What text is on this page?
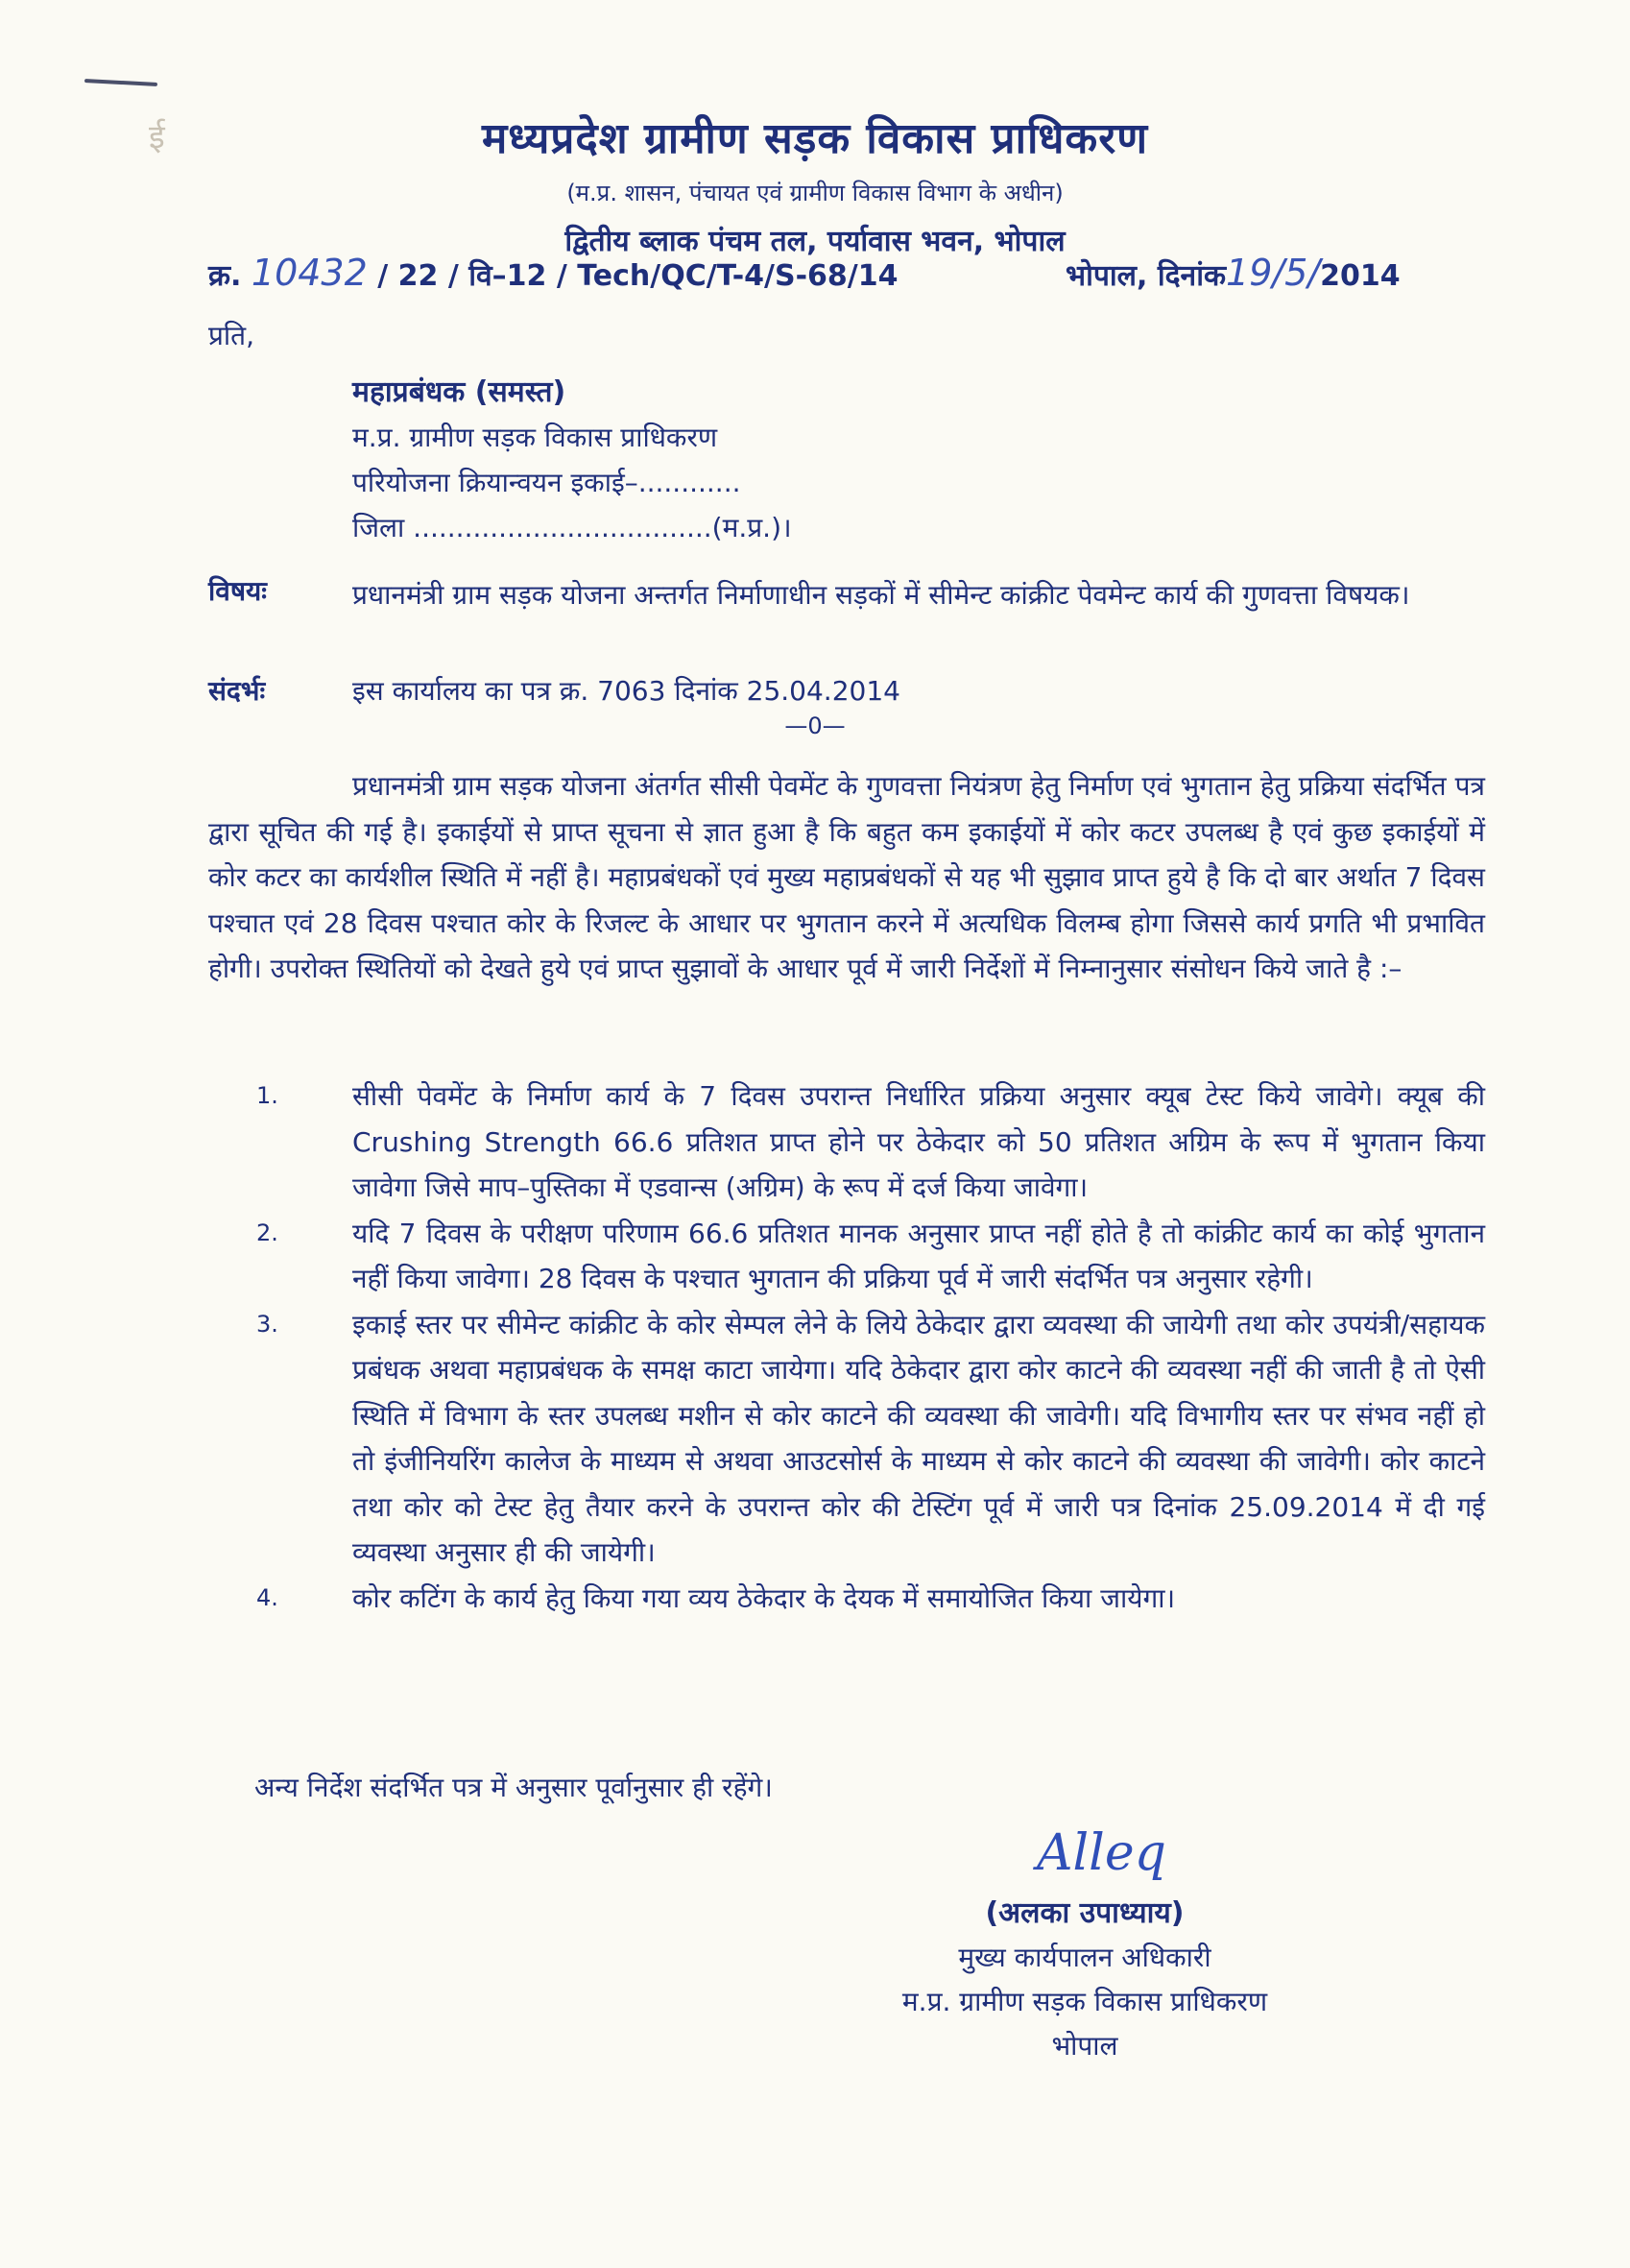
ई	मध्यप्रदेश ग्रामीण सड़क विकास प्राधिकरण
(म.प्र. शासन, पंचायत एवं ग्रामीण विकास विभाग के अधीन)
द्वितीय ब्लाक पंचम तल, पर्यावास भवन, भोपाल
क्र. 10432 / 22 / वि–12 / Tech/QC/T-4/S-68/14	भोपाल, दिनांक19/5/2014
प्रति,
महाप्रबंधक (समस्त)
म.प्र. ग्रामीण सड़क विकास प्राधिकरण
परियोजना क्रियान्वयन इकाई–............
जिला ...................................(म.प्र.)।
विषयः	प्रधानमंत्री ग्राम सड़क योजना अन्तर्गत निर्माणाधीन सड़कों में सीमेन्ट कांक्रीट पेवमेन्ट कार्य की गुणवत्ता विषयक।
संदर्भः	इस कार्यालय का पत्र क्र. 7063 दिनांक 25.04.2014
—0—
प्रधानमंत्री ग्राम सड़क योजना अंतर्गत सीसी पेवमेंट के गुणवत्ता नियंत्रण हेतु निर्माण एवं भुगतान हेतु प्रक्रिया संदर्भित पत्र द्वारा सूचित की गई है। इकाईयों से प्राप्त सूचना से ज्ञात हुआ है कि बहुत कम इकाईयों में कोर कटर उपलब्ध है एवं कुछ इकाईयों में कोर कटर का कार्यशील स्थिति में नहीं है। महाप्रबंधकों एवं मुख्य महाप्रबंधकों से यह भी सुझाव प्राप्त हुये है कि दो बार अर्थात 7 दिवस पश्चात एवं 28 दिवस पश्चात कोर के रिजल्ट के आधार पर भुगतान करने में अत्यधिक विलम्ब होगा जिससे कार्य प्रगति भी प्रभावित होगी। उपरोक्त स्थितियों को देखते हुये एवं प्राप्त सुझावों के आधार पूर्व में जारी निर्देशों में निम्नानुसार संसोधन किये जाते है :–
1.	सीसी पेवमेंट के निर्माण कार्य के 7 दिवस उपरान्त निर्धारित प्रक्रिया अनुसार क्यूब टेस्ट किये जावेगे। क्यूब की Crushing Strength 66.6 प्रतिशत प्राप्त होने पर ठेकेदार को 50 प्रतिशत अग्रिम के रूप में भुगतान किया जावेगा जिसे माप–पुस्तिका में एडवान्स (अग्रिम) के रूप में दर्ज किया जावेगा।
2.	यदि 7 दिवस के परीक्षण परिणाम 66.6 प्रतिशत मानक अनुसार प्राप्त नहीं होते है तो कांक्रीट कार्य का कोई भुगतान नहीं किया जावेगा। 28 दिवस के पश्चात भुगतान की प्रक्रिया पूर्व में जारी संदर्भित पत्र अनुसार रहेगी।
3.	इकाई स्तर पर सीमेन्ट कांक्रीट के कोर सेम्पल लेने के लिये ठेकेदार द्वारा व्यवस्था की जायेगी तथा कोर उपयंत्री/सहायक प्रबंधक अथवा महाप्रबंधक के समक्ष काटा जायेगा। यदि ठेकेदार द्वारा कोर काटने की व्यवस्था नहीं की जाती है तो ऐसी स्थिति में विभाग के स्तर उपलब्ध मशीन से कोर काटने की व्यवस्था की जावेगी। यदि विभागीय स्तर पर संभव नहीं हो तो इंजीनियरिंग कालेज के माध्यम से अथवा आउटसोर्स के माध्यम से कोर काटने की व्यवस्था की जावेगी। कोर काटने तथा कोर को टेस्ट हेतु तैयार करने के उपरान्त कोर की टेस्टिंग पूर्व में जारी पत्र दिनांक 25.09.2014 में दी गई व्यवस्था अनुसार ही की जायेगी।
4.	कोर कटिंग के कार्य हेतु किया गया व्यय ठेकेदार के देयक में समायोजित किया जायेगा।
अन्य निर्देश संदर्भित पत्र में अनुसार पूर्वानुसार ही रहेंगे।
Alleq
(अलका उपाध्याय)
मुख्य कार्यपालन अधिकारी
म.प्र. ग्रामीण सड़क विकास प्राधिकरण
भोपाल
